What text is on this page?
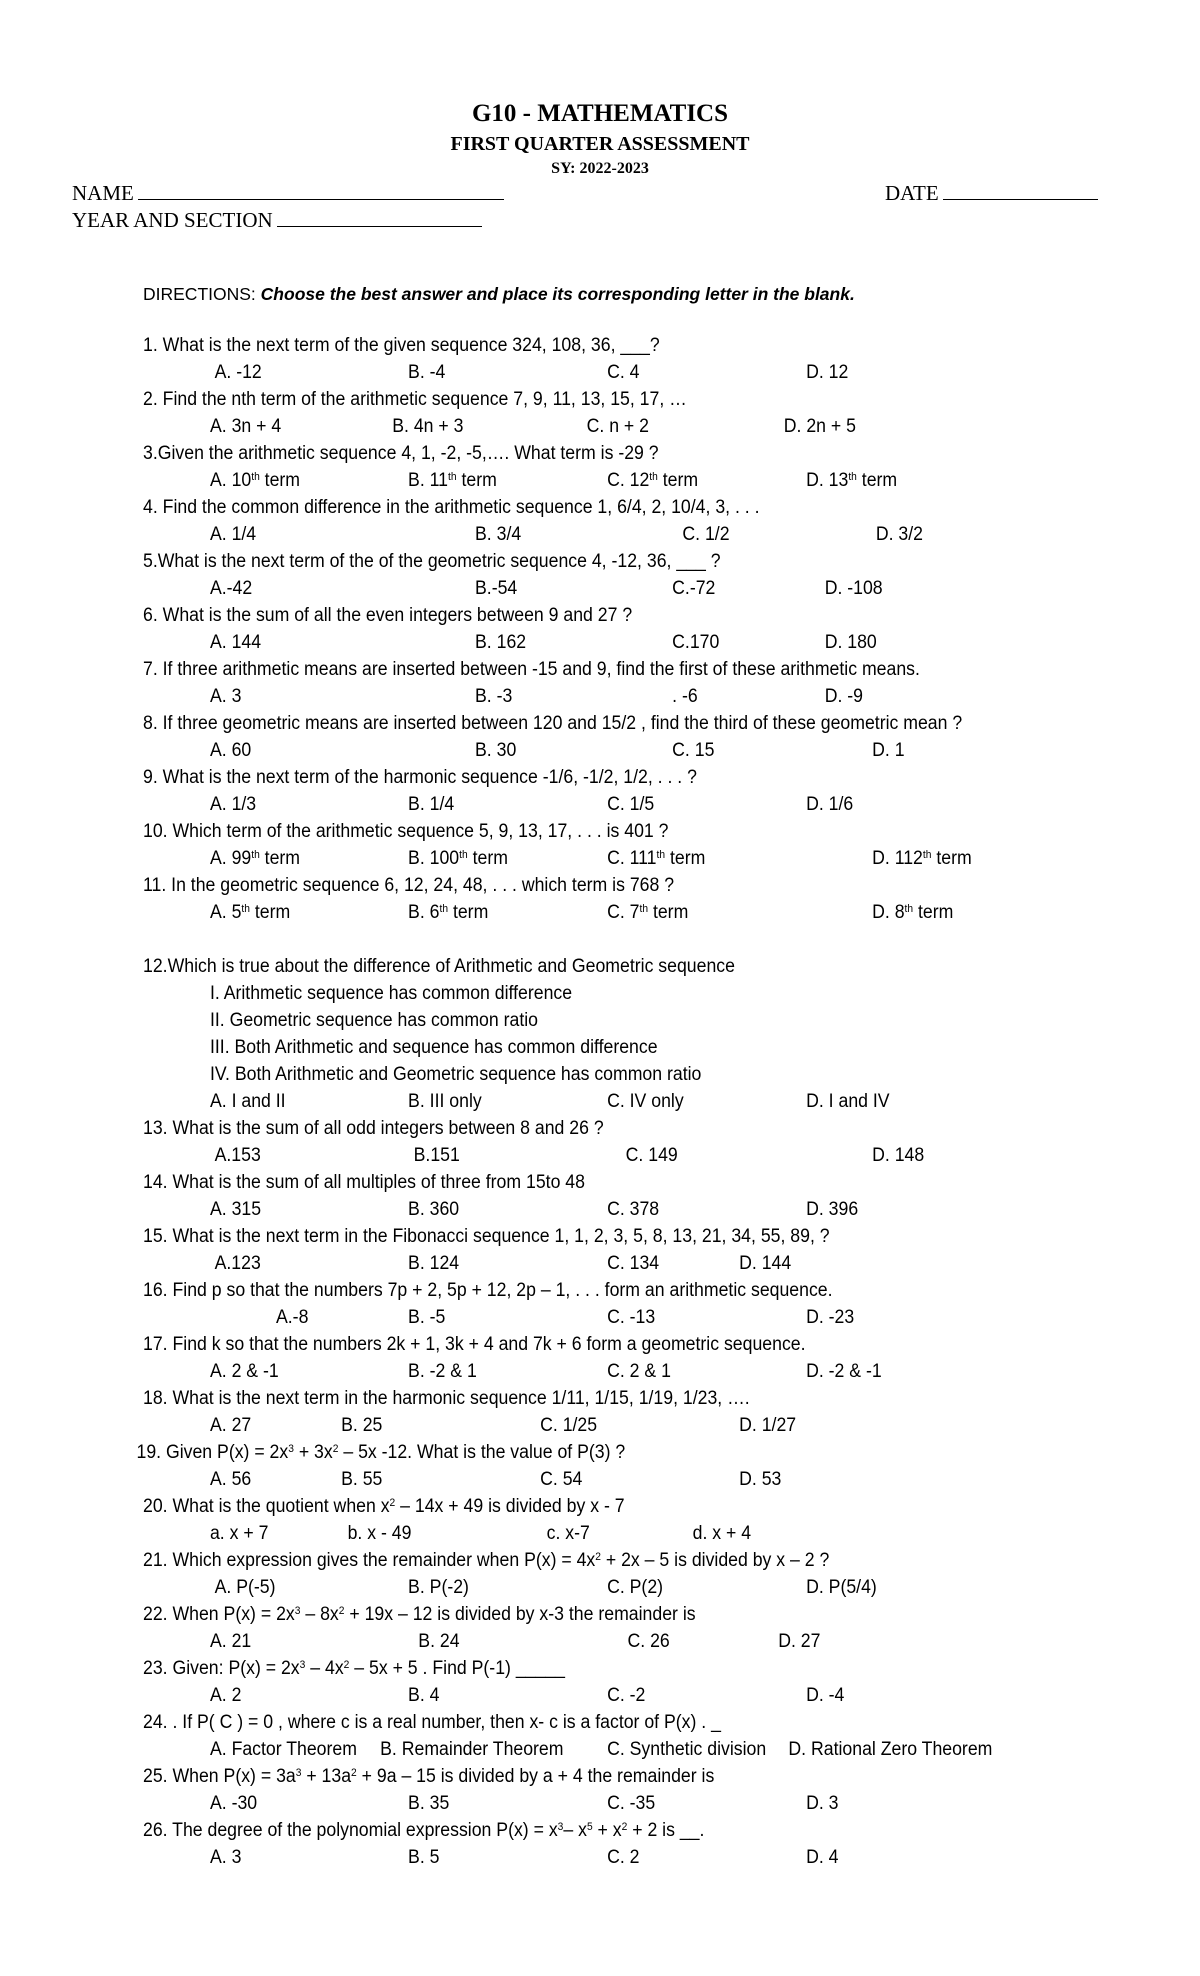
G10 - MATHEMATICS
FIRST QUARTER ASSESSMENT
SY: 2022-2023
NAME	DATE
YEAR AND SECTION
DIRECTIONS: Choose the best answer and place its corresponding letter in the blank.
1. What is the next term of the given sequence 324, 108, 36, ___?
A. -12	B. -4	C. 4	D. 12
2. Find the nth term of the arithmetic sequence 7, 9, 11, 13, 15, 17, …
A. 3n + 4	B. 4n + 3	C. n + 2	D. 2n + 5
3.Given the arithmetic sequence 4, 1, -2, -5,…. What term is -29 ?
A. 10th term	B. 11th term	C. 12th term	D. 13th term
4. Find the common difference in the arithmetic sequence 1, 6/4, 2, 10/4, 3, . . .
A. 1/4	B. 3/4	C. 1/2	D. 3/2
5.What is the next term of the of the geometric sequence 4, -12, 36, ___ ?
A.-42	B.-54	C.-72	D. -108
6. What is the sum of all the even integers between 9 and 27 ?
A. 144	B. 162	C.170	D. 180
7. If three arithmetic means are inserted between -15 and 9, find the first of these arithmetic means.
A. 3	B. -3	. -6	D. -9
8. If three geometric means are inserted between 120 and 15/2 , find the third of these geometric mean ?
A. 60	B. 30	C. 15	D. 1
9. What is the next term of the harmonic sequence -1/6, -1/2, 1/2, . . . ?
A. 1/3	B. 1/4	C. 1/5	D. 1/6
10. Which term of the arithmetic sequence 5, 9, 13, 17, . . . is 401 ?
A. 99th term	B. 100th term	C. 111th term	D. 112th term
11. In the geometric sequence 6, 12, 24, 48, . . . which term is 768 ?
A. 5th term	B. 6th term	C. 7th term	D. 8th term
12.Which is true about the difference of Arithmetic and Geometric sequence
I. Arithmetic sequence has common difference
II. Geometric sequence has common ratio
III. Both Arithmetic and sequence has common difference
IV. Both Arithmetic and Geometric sequence has common ratio
A. I and II	B. III only	C. IV only	D. I and IV
13. What is the sum of all odd integers between 8 and 26 ?
A.153	B.151	C. 149	D. 148
14. What is the sum of all multiples of three from 15to 48
A. 315	B. 360	C. 378	D. 396
15. What is the next term in the Fibonacci sequence 1, 1, 2, 3, 5, 8, 13, 21, 34, 55, 89, ?
A.123	B. 124	C. 134	D. 144
16. Find p so that the numbers 7p + 2, 5p + 12, 2p – 1, . . . form an arithmetic sequence.
A.-8	B. -5	C. -13	D. -23
17. Find k so that the numbers 2k + 1, 3k + 4 and 7k + 6 form a geometric sequence.
A. 2 & -1	B. -2 & 1	C. 2 & 1	D. -2 & -1
18. What is the next term in the harmonic sequence 1/11, 1/15, 1/19, 1/23, ….
A. 27	B. 25	C. 1/25	D. 1/27
19. Given $P(x) = 2x^3 + 3x^2 - 5x$ -12. What is the value of P(3) ?
A. 56	B. 55	C. 54	D. 53
20. What is the quotient when $x^2 - 14x + 49$ is divided by x - 7
a. x + 7	b. x - 49	c. x-7	d. x + 4
21. Which expression gives the remainder when $P(x) = 4x^2 + 2x - 5$ is divided by x – 2 ?
A. P(-5)	B. P(-2)	C. P(2)	D. P(5/4)
22. When $P(x) = 2x^3 - 8x^2 + 19x - 12$ is divided by x-3 the remainder is
A. 21	B. 24	C. 26	D. 27
23. Given: $P(x) = 2x^3 - 4x^2 - 5x + 5$ . Find P(-1) _____
A. 2	B. 4	C. -2	D. -4
24. . If P( C ) = 0 , where c is a real number, then x- c is a factor of P(x) . _
A. Factor Theorem B. Remainder Theorem C. Synthetic division D. Rational Zero Theorem
25. When $P(x) = 3a^3 + 13a^2 + 9a - 15$ is divided by a + 4 the remainder is
A. -30	B. 35	C. -35	D. 3
26. The degree of the polynomial expression $P(x) = x^3-$ $x^5 + x^2 + 2$ is __.
A. 3	B. 5	C. 2	D. 4
